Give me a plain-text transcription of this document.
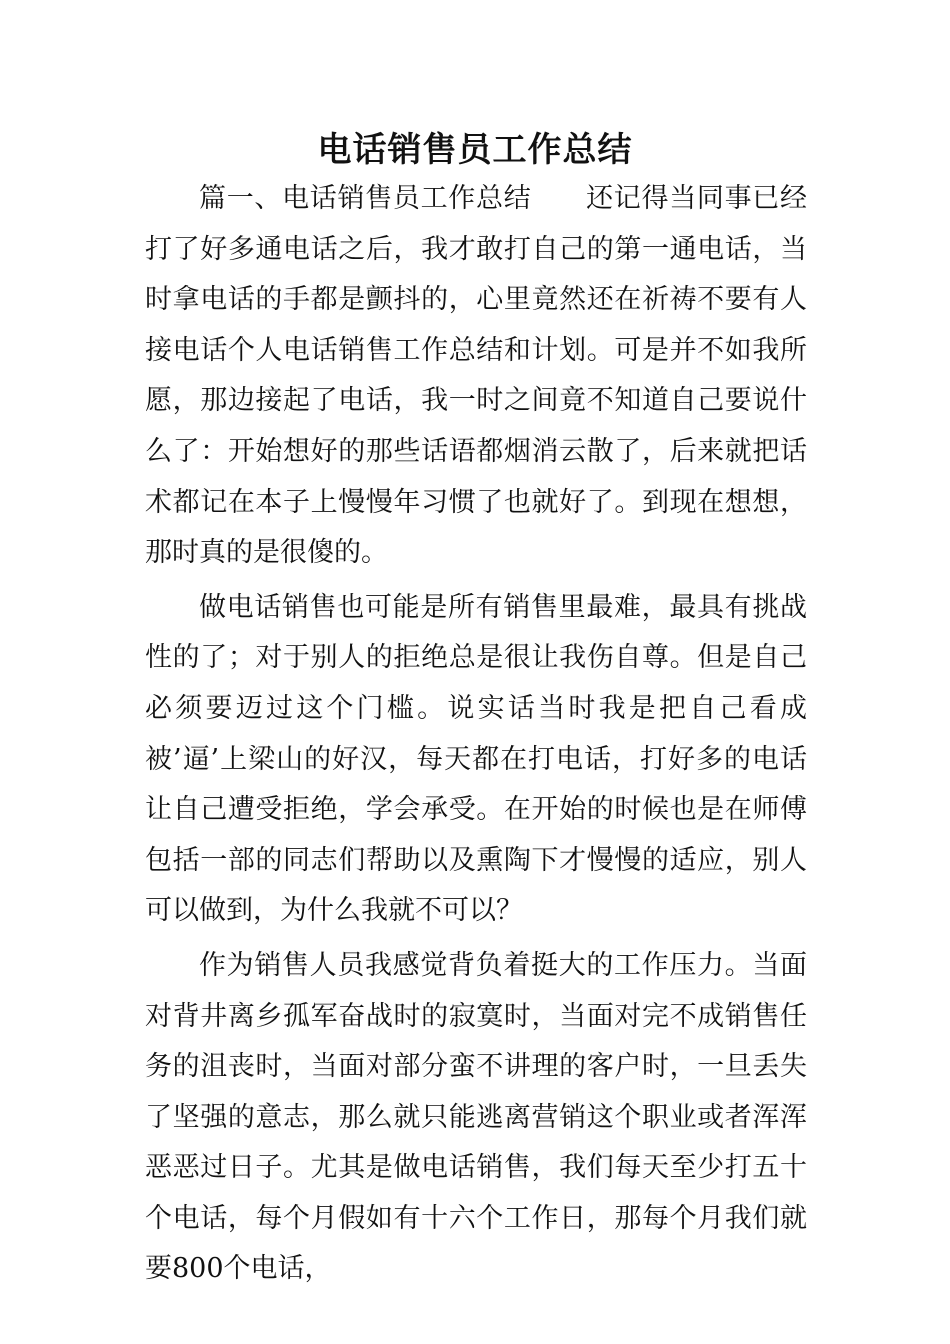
电话销售员工作总结

篇一、电话销售员工作总结 还记得当同事已经打了好多通电话之后，我才敢打自己的第一通电话，当时拿电话的手都是颤抖的，心里竟然还在祈祷不要有人接电话个人电话销售工作总结和计划。可是并不如我所愿，那边接起了电话，我一时之间竟不知道自己要说什么了：开始想好的那些话语都烟消云散了，后来就把话术都记在本子上慢慢年习惯了也就好了。到现在想想，那时真的是很傻的。

做电话销售也可能是所有销售里最难，最具有挑战性的了；对于别人的拒绝总是很让我伤自尊。但是自己必须要迈过这个门槛。说实话当时我是把自己看成被’逼’上梁山的好汉，每天都在打电话，打好多的电话让自己遭受拒绝，学会承受。在开始的时候也是在师傅包括一部的同志们帮助以及熏陶下才慢慢的适应，别人可以做到，为什么我就不可以？

作为销售人员我感觉背负着挺大的工作压力。当面对背井离乡孤军奋战时的寂寞时，当面对完不成销售任务的沮丧时，当面对部分蛮不讲理的客户时，一旦丢失了坚强的意志，那么就只能逃离营销这个职业或者浑浑恶恶过日子。尤其是做电话销售，我们每天至少打五十个电话，每个月假如有十六个工作日，那每个月我们就要800个电话，
